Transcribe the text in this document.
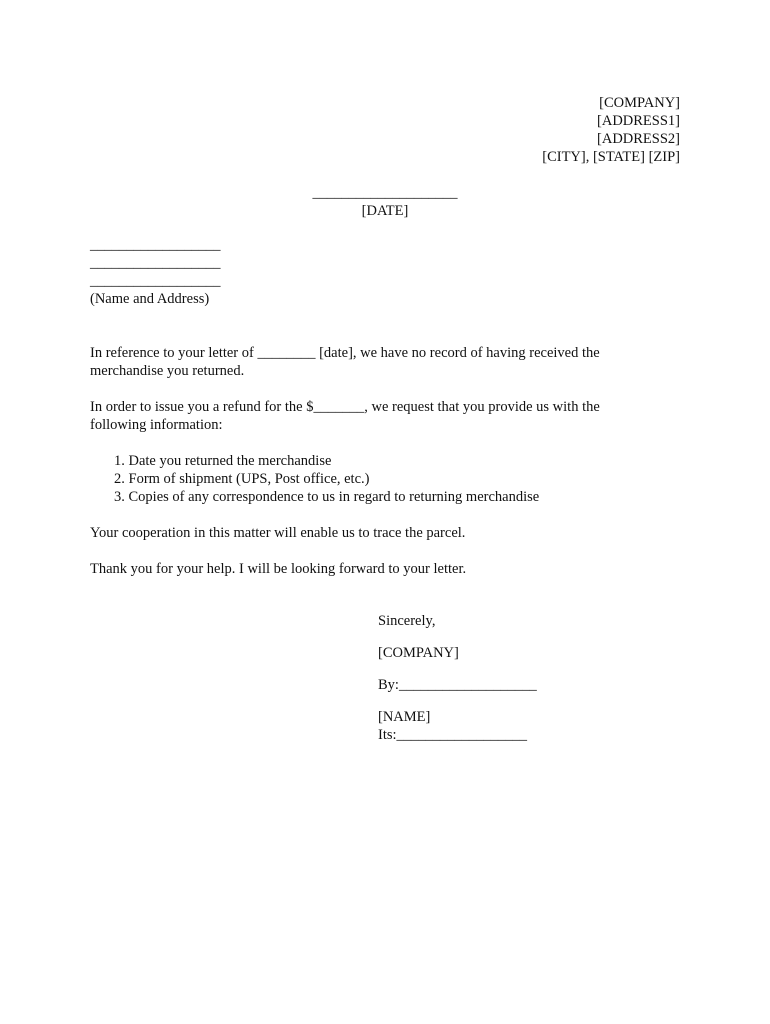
[COMPANY]
[ADDRESS1]
[ADDRESS2]
[CITY], [STATE] [ZIP]
____________________
[DATE]
__________________
__________________
__________________
(Name and Address)

In reference to your letter of ________ [date], we have no record of having received the merchandise you returned.

In order to issue you a refund for the $_______, we request that you provide us with the following information:

1. Date you returned the merchandise
2. Form of shipment (UPS, Post office, etc.)
3. Copies of any correspondence to us in regard to returning merchandise

Your cooperation in this matter will enable us to trace the parcel.

Thank you for your help. I will be looking forward to your letter.

Sincerely,
[COMPANY]
By:___________________
[NAME]
Its:__________________
